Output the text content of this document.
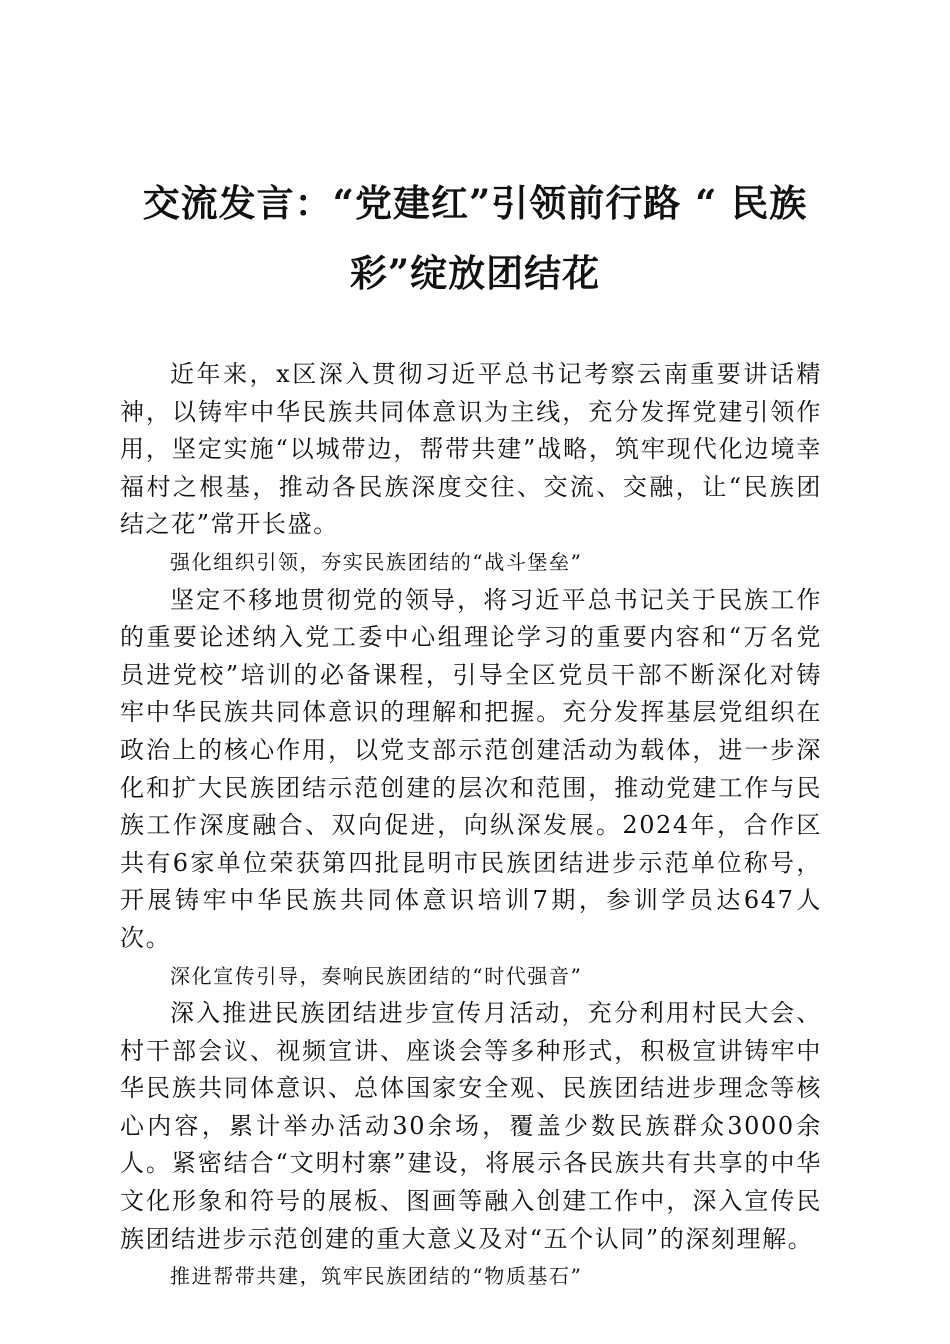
交流发言：“党建红”引领前行路 “ 民族
彩”绽放团结花

近年来，x区深入贯彻习近平总书记考察云南重要讲话精神，以铸牢中华民族共同体意识为主线，充分发挥党建引领作用，坚定实施“以城带边，帮带共建”战略，筑牢现代化边境幸福村之根基，推动各民族深度交往、交流、交融，让“民族团结之花”常开长盛。

强化组织引领，夯实民族团结的“战斗堡垒”

坚定不移地贯彻党的领导，将习近平总书记关于民族工作的重要论述纳入党工委中心组理论学习的重要内容和“万名党员进党校”培训的必备课程，引导全区党员干部不断深化对铸牢中华民族共同体意识的理解和把握。充分发挥基层党组织在政治上的核心作用，以党支部示范创建活动为载体，进一步深化和扩大民族团结示范创建的层次和范围，推动党建工作与民族工作深度融合、双向促进，向纵深发展。2024年，合作区共有6家单位荣获第四批昆明市民族团结进步示范单位称号，开展铸牢中华民族共同体意识培训7期，参训学员达647人次。

深化宣传引导，奏响民族团结的“时代强音”

深入推进民族团结进步宣传月活动，充分利用村民大会、村干部会议、视频宣讲、座谈会等多种形式，积极宣讲铸牢中华民族共同体意识、总体国家安全观、民族团结进步理念等核心内容，累计举办活动30余场，覆盖少数民族群众3000余人。紧密结合“文明村寨”建设，将展示各民族共有共享的中华文化形象和符号的展板、图画等融入创建工作中，深入宣传民族团结进步示范创建的重大意义及对“五个认同”的深刻理解。

推进帮带共建，筑牢民族团结的“物质基石”
